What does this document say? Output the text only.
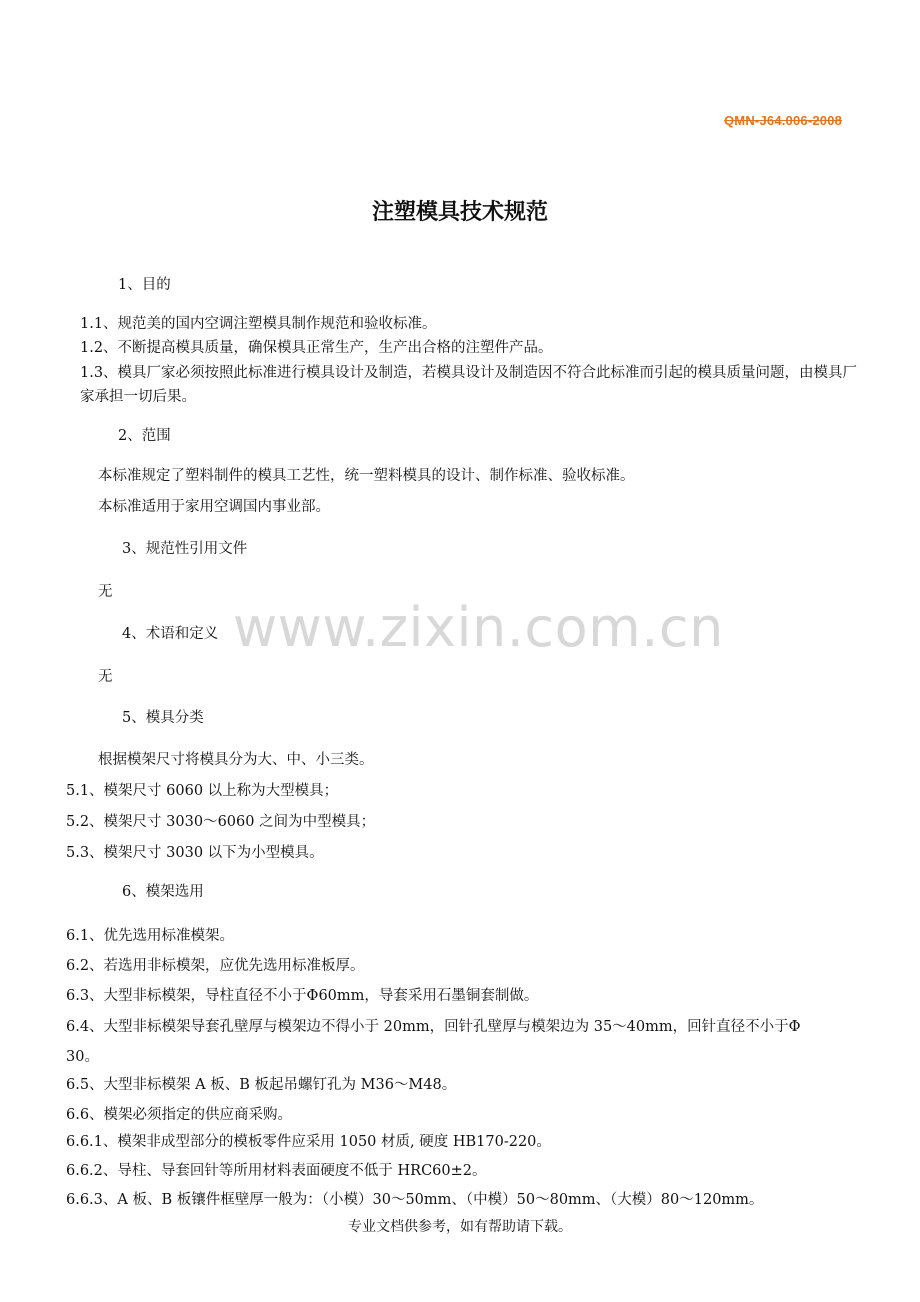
QMN-J64.006-2008
注塑模具技术规范
1、目的
1.1、规范美的国内空调注塑模具制作规范和验收标准。
1.2、不断提高模具质量，确保模具正常生产，生产出合格的注塑件产品。
1.3、模具厂家必须按照此标准进行模具设计及制造，若模具设计及制造因不符合此标准而引起的模具质量问题，由模具厂家承担一切后果。
2、范围
本标准规定了塑料制件的模具工艺性，统一塑料模具的设计、制作标准、验收标准。
本标准适用于家用空调国内事业部。
3、规范性引用文件
无
4、术语和定义
无
5、模具分类
根据模架尺寸将模具分为大、中、小三类。
5.1、模架尺寸 6060 以上称为大型模具；
5.2、模架尺寸 3030～6060 之间为中型模具；
5.3、模架尺寸 3030 以下为小型模具。
6、模架选用
6.1、优先选用标准模架。
6.2、若选用非标模架，应优先选用标准板厚。
6.3、大型非标模架，导柱直径不小于Φ60mm，导套采用石墨铜套制做。
6.4、大型非标模架导套孔壁厚与模架边不得小于 20mm，回针孔壁厚与模架边为 35～40mm，回针直径不小于Φ
30。
6.5、大型非标模架 A 板、B 板起吊螺钉孔为 M36～M48。
6.6、模架必须指定的供应商采购。
6.6.1、模架非成型部分的模板零件应采用 1050 材质, 硬度 HB170-220。
6.6.2、导柱、导套回针等所用材料表面硬度不低于 HRC60±2。
6.6.3、A 板、B 板镶件框壁厚一般为：（小模）30～50mm、（中模）50～80mm、（大模）80～120mm。
www.zixin.com.cn
专业文档供参考，如有帮助请下载。
